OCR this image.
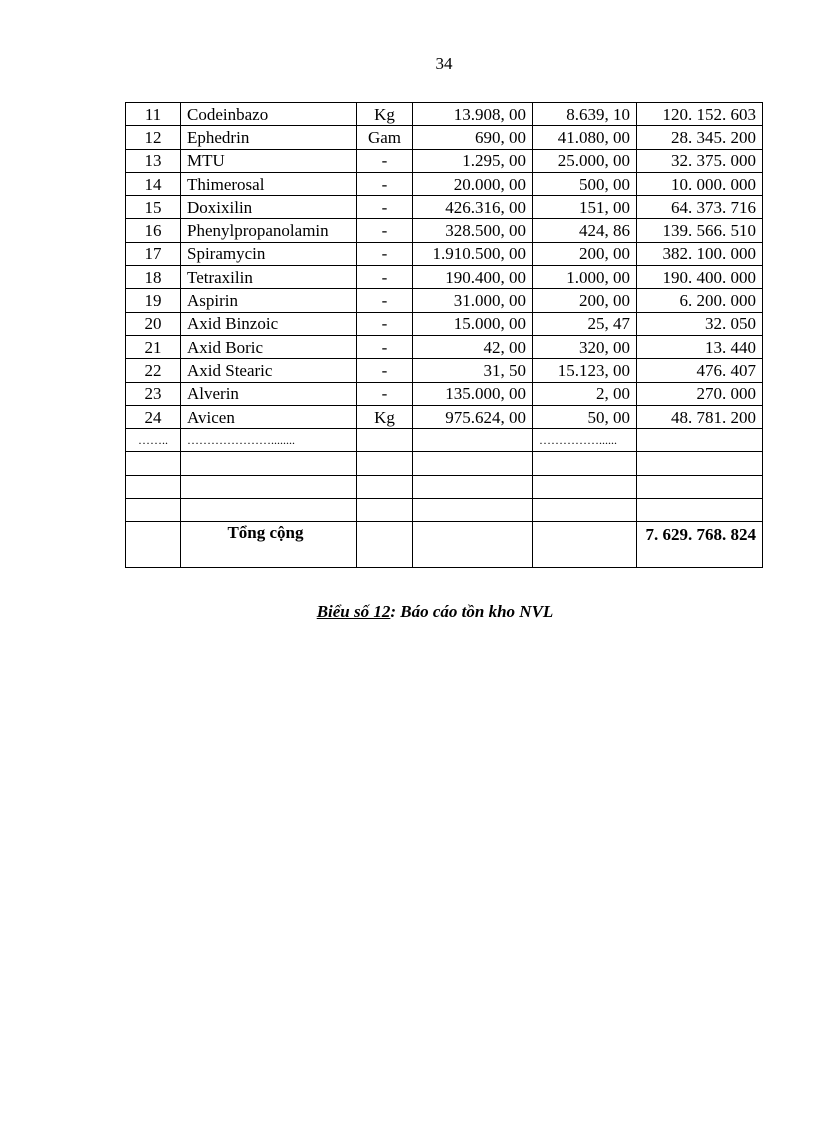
34
11	Codeinbazo	Kg	13.908, 00	8.639, 10	120. 152. 603
12	Ephedrin	Gam	690, 00	41.080, 00	28. 345. 200
13	MTU	-	1.295, 00	25.000, 00	32. 375. 000
14	Thimerosal	-	20.000, 00	500, 00	10. 000. 000
15	Doxixilin	-	426.316, 00	151, 00	64. 373. 716
16	Phenylpropanolamin	-	328.500, 00	424, 86	139. 566. 510
17	Spiramycin	-	1.910.500, 00	200, 00	382. 100. 000
18	Tetraxilin	-	190.400, 00	1.000, 00	190. 400. 000
19	Aspirin	-	31.000, 00	200, 00	6. 200. 000
20	Axid Binzoic	-	15.000, 00	25, 47	32. 050
21	Axid Boric	-	42, 00	320, 00	13. 440
22	Axid Stearic	-	31, 50	15.123, 00	476. 407
23	Alverin	-	135.000, 00	2, 00	270. 000
24	Avicen	Kg	975.624, 00	50, 00	48. 781. 200
……..	…………………........			……………......	

	Tổng cộng				7. 629. 768. 824
Biểu số 12: Báo cáo tồn kho NVL
